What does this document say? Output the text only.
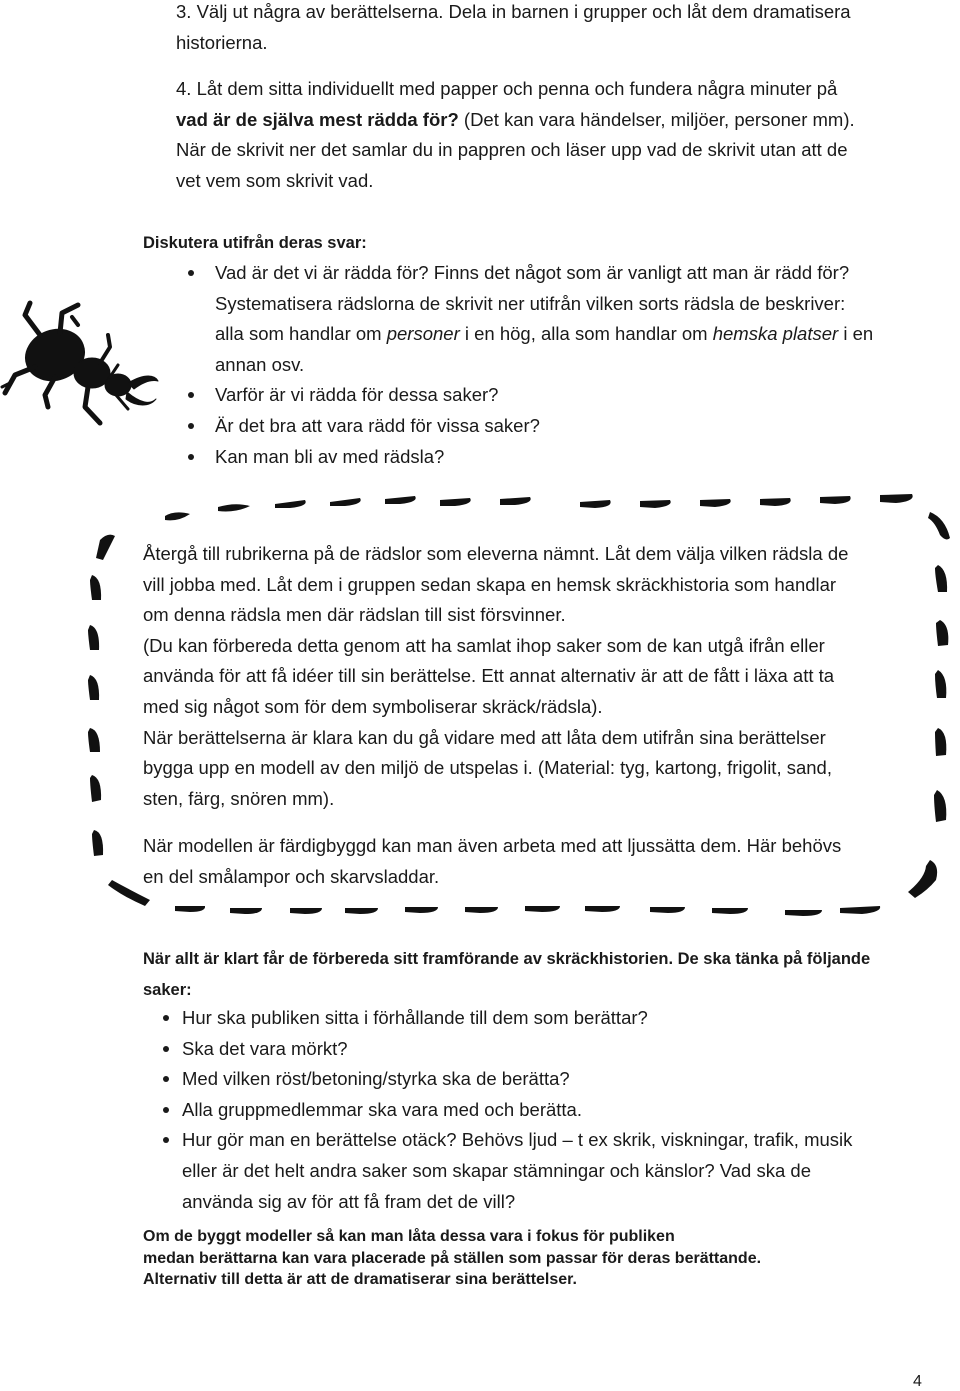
3. Välj ut några av berättelserna. Dela in barnen i grupper och låt dem dramatisera
historierna.
4. Låt dem sitta individuellt med papper och penna och fundera några minuter på
vad är de själva mest rädda för? (Det kan vara händelser, miljöer, personer mm).
När de skrivit ner det samlar du in pappren och läser upp vad de skrivit utan att de
vet vem som skrivit vad.
Diskutera utifrån deras svar:
Vad är det vi är rädda för? Finns det något som är vanligt att man är rädd för?
Systematisera rädslorna de skrivit ner utifrån vilken sorts rädsla de beskriver:
alla som handlar om personer i en hög, alla som handlar om hemska platser i en
annan osv.
Varför är vi rädda för dessa saker?
Är det bra att vara rädd för vissa saker?
Kan man bli av med rädsla?
Återgå till rubrikerna på de rädslor som eleverna nämnt. Låt dem välja vilken rädsla de
vill jobba med. Låt dem i gruppen sedan skapa en hemsk skräckhistoria som handlar
om denna rädsla men där rädslan till sist försvinner.
(Du kan förbereda detta genom att ha samlat ihop saker som de kan utgå ifrån eller
använda för att få idéer till sin berättelse. Ett annat alternativ är att de fått i läxa att ta
med sig något som för dem symboliserar skräck/rädsla).
När berättelserna är klara kan du gå vidare med att låta dem utifrån sina berättelser
bygga upp en modell av den miljö de utspelas i. (Material: tyg, kartong, frigolit, sand,
sten, färg, snören mm).
När modellen är färdigbyggd kan man även arbeta med att ljussätta dem. Här behövs
en del smålampor och skarvsladdar.
När allt är klart får de förbereda sitt framförande av skräckhistorien. De ska tänka på följande
saker:
Hur ska publiken sitta i förhållande till dem som berättar?
Ska det vara mörkt?
Med vilken röst/betoning/styrka ska de berätta?
Alla gruppmedlemmar ska vara med och berätta.
Hur gör man en berättelse otäck? Behövs ljud – t ex skrik, viskningar, trafik, musik
eller är det helt andra saker som skapar stämningar och känslor? Vad ska de
använda sig av för att få fram det de vill?
Om de byggt modeller så kan man låta dessa vara i fokus för publiken
medan berättarna kan vara placerade på ställen som passar för deras berättande.
Alternativ till detta är att de dramatiserar sina berättelser.
4
